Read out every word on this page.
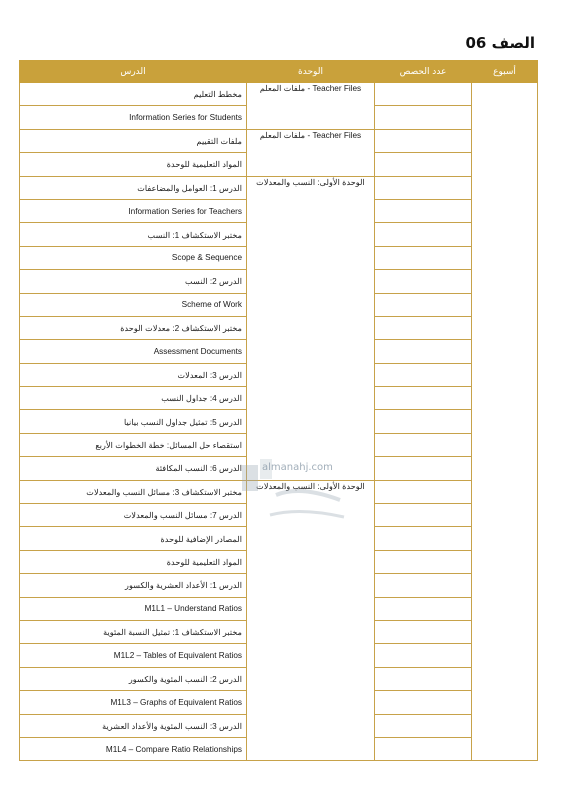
الصف 06
أسبوع	عدد الحصص	الوحدة	الدرس
		Teacher Files - ملفات المعلم	مخطط التعليم
			Information Series for Students
		Teacher Files - ملفات المعلم	ملفات التقييم
			المواد التعليمية للوحدة
		الوحدة الأولى: النسب والمعدلات	الدرس 1: العوامل والمضاعفات
			Information Series for Teachers
			مختبر الاستكشاف 1: النسب
			Scope & Sequence
			الدرس 2: النسب
			Scheme of Work
			مختبر الاستكشاف 2: معدلات الوحدة
			Assessment Documents
			الدرس 3: المعدلات
			الدرس 4: جداول النسب
			الدرس 5: تمثيل جداول النسب بيانيا
			استقصاء حل المسائل: خطة الخطوات الأربع
			الدرس 6: النسب المكافئة
		الوحدة الأولى: النسب والمعدلات	مختبر الاستكشاف 3: مسائل النسب والمعدلات
			الدرس 7: مسائل النسب والمعدلات
			المصادر الإضافية للوحدة
			المواد التعليمية للوحدة
			الدرس 1: الأعداد العشرية والكسور
			M1L1 – Understand Ratios
			مختبر الاستكشاف 1: تمثيل النسبة المئوية
			M1L2 – Tables of Equivalent Ratios
			الدرس 2: النسب المئوية والكسور
			M1L3 – Graphs of Equivalent Ratios
			الدرس 3: النسب المئوية والأعداد العشرية
			M1L4 – Compare Ratio Relationships
almanahj.com
